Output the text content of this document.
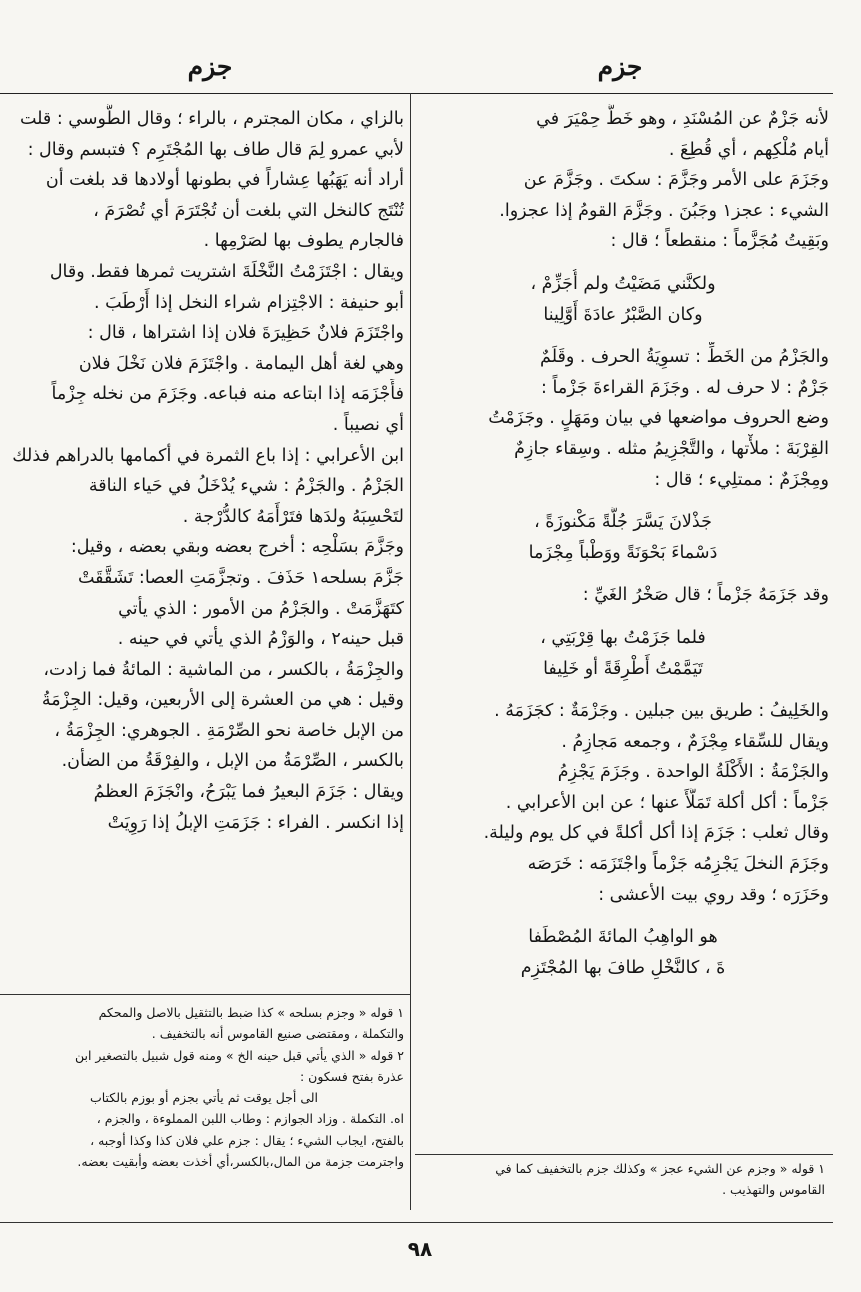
جزم
جزم
لأنه جَزْمٌ عن المُسْنَدِ ، وهو خَطُّ حِمْيَرَ في
أيام مُلْكِهم ، أي قُطِعَ .
وجَزَمَ على الأمر وجَزَّمَ : سكتَ . وجَزَّمَ عن
الشيء : عجز١ وجَبُنَ . وجَزَّمَ القومُ إذا عجزوا.
وبَقِيتُ مُجَزَّماً : منقطعاً ؛ قال :
ولكنَّني مَضَيْتُ ولم أُجَزِّمْ ،
وكان الصَّبْرُ عادَةَ أَوَّلِينا
والجَزْمُ من الخَطِّ : تسوِيَةُ الحرف . وقَلَمٌ
جَزْمٌ : لا حرف له . وجَزَمَ القراءةَ جَزْماً :
وضع الحروف مواضعها في بيان ومَهَلٍ . وجَزَمْتُ
القِرْبَةَ : ملأْتها ، والتَّجْزِيمُ مثله . وسِقاء جازِمٌ
ومِجْزَمٌ : ممتلِيء ؛ قال :
جَذْلانَ يَسَّرَ جُلَّةً مَكْنوزَةً ،
دَسْماءَ بَحْوَنَةً ووَطْباً مِجْزَما
وقد جَزَمَهُ جَزْماً ؛ قال صَخْرُ الغَيِّ :
فلما جَزَمْتُ بها قِرْبَتِي ،
تَيَمَّمْتُ أَطْرِقَةً أو خَلِيفا
والخَلِيفُ : طريق بين جبلين . وجَزْمَةٌ : كجَزَمَهُ .
ويقال للسِّقاء مِجْزَمٌ ، وجمعه مَجازِمُ .
والجَزْمَةُ : الأَكْلَةُ الواحدة . وجَزَمَ يَجْزِمُ
جَزْماً : أكل أكلة تَمَلَّأَ عنها ؛ عن ابن الأعرابي .
وقال ثعلب : جَزَمَ إذا أكل أكلةً في كل يوم وليلة.
وجَزَمَ النخلَ يَجْزِمُه جَزْماً واجْتَزَمَه : خَرَصَه
وحَزَرَه ؛ وقد روي بيت الأعشى :
هو الواهِبُ المائةَ المُصْطَفا
ةَ ، كالنَّخْلِ طافَ بها المُجْتَزِم
بالزاي ، مكان المجترم ، بالراء ؛ وقال الطُّوسي : قلت
لأبي عمرو لِمَ قال طاف بها المُجْتَرِم ؟ فتبسم وقال :
أراد أنه يَهَبُها عِشاراً في بطونها أولادها قد بلغت أن
تُنْتَج كالنخل التي بلغت أن تُجْتَرَمَ أي تُصْرَمَ ،
فالجارم يطوف بها لصَرْمِها .
ويقال : اجْتَزَمْتُ النَّخْلَةَ اشتريت ثمرها فقط. وقال
أبو حنيفة : الاجْتِزام شراء النخل إذا أَرْطَبَ .
واجْتَزَمَ فلانٌ حَظِيرَةَ فلان إذا اشتراها ، قال :
وهي لغة أهل اليمامة . واجْتَزَمَ فلان نَخْلَ فلان
فأَجْزَمَه إذا ابتاعه منه فباعه. وجَزَمَ من نخله جِزْماً
أي نصيباً .
ابن الأعرابي : إذا باع الثمرة في أكمامها بالدراهم فذلك
الجَزْمُ . والجَزْمُ : شيء يُدْخَلُ في حَياء الناقة
لتَحْسِبَهُ ولدَها فتَرْأَمَهُ كالدُّرْجة .
وجَزَّمَ بسَلْحِه : أخرج بعضه وبقي بعضه ، وقيل:
جَزَّمَ بسلحه١ حَذَفَ . وتجزَّمَتِ العصا: تَشَقَّقَتْ
كتَهَزَّمَتْ . والجَزْمُ من الأمور : الذي يأتي
قبل حينه٢ ، والوَزْمُ الذي يأتي في حينه .
والجِزْمَةُ ، بالكسر ، من الماشية : المائةُ فما زادت،
وقيل : هي من العشرة إلى الأربعين، وقيل: الجِزْمَةُ
من الإبل خاصة نحو الصِّرْمَةِ . الجوهري: الجِزْمَةُ ،
بالكسر ، الصِّرْمَةُ من الإبل ، والفِرْقَةُ من الضأن.
ويقال : جَزَمَ البعيرُ فما يَبْرَحُ، وانْجَزَمَ العظمُ
إذا انكسر . الفراء : جَزَمَتِ الإبلُ إذا رَوِيَتْ
١ قوله « وجزم بسلحه » كذا ضبط بالتثقيل بالاصل والمحكم
والتكملة ، ومقتضى صنيع القاموس أنه بالتخفيف .
٢ قوله « الذي يأتي قبل حينه الخ » ومنه قول شبيل بالتصغير ابن
عذرة بفتح فسكون :
الى أجل يوقت ثم يأتي بجزم أو بوزم بالكتاب
اه. التكملة . وزاد الجوازم : وطاب اللبن المملوءة ، والجزم ،
بالفتح، ايجاب الشيء ؛ يقال : جزم علي فلان كذا وكذا أوجبه ،
واجترمت جزمة من المال،بالكسر،أي أخذت بعضه وأبقيت بعضه.	١ قوله « وجزم عن الشيء عجز » وكذلك جزم بالتخفيف كما في
القاموس والتهذيب .
٩٨
